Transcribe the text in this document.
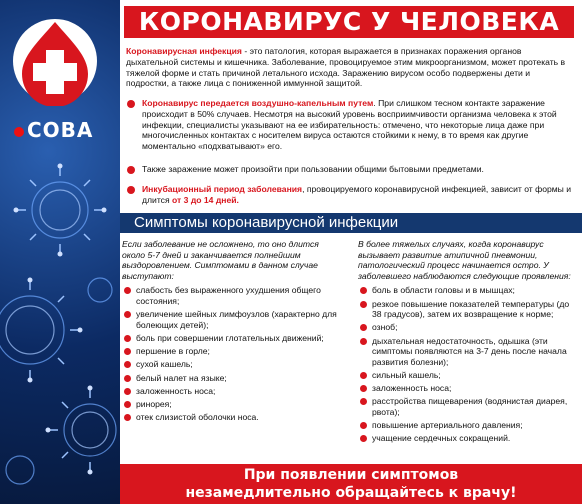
СОВА
КОРОНАВИРУС У ЧЕЛОВЕКА
Коронавирусная инфекция - это патология, которая выражается в признаках поражения органов дыхательной системы и кишечника. Заболевание, провоцируемое этим микроорганизмом, может протекать в тяжелой форме и стать причиной летального исхода. Заражению вирусом особо подвержены дети и подростки, а также лица с пониженной иммунной защитой.
Коронавирус передается воздушно-капельным путем. При слишком тесном контакте заражение происходит в 50% случаев. Несмотря на высокий уровень восприимчивости организма человека к этой инфекции, специалисты указывают на ее избирательность: отмечено, что некоторые лица даже при многочисленных контактах с носителем вируса остаются стойкими к нему, в то время как другие моментально «подхватывают» его.
Также заражение может произойти при пользовании общими бытовыми предметами.
Инкубационный период заболевания, провоцируемого коронавирусной инфекцией, зависит от формы и длится от 3 до 14 дней.
Симптомы коронавирусной инфекции
Если заболевание не осложнено, то оно длится около 5-7 дней и заканчивается полнейшим выздоровлением. Симптомами в данном случае выступают:
слабость без выраженного ухудшения общего состояния;
увеличение шейных лимфоузлов (характерно для болеющих детей);
боль при совершении глотательных движений;
першение в горле;
сухой кашель;
белый налет на языке;
заложенность носа;
ринорея;
отек слизистой оболочки носа.
В более тяжелых случаях, когда коронавирус вызывает развитие атипичной пневмонии, патологический процесс начинается остро. У заболевшего наблюдаются следующие проявления:
боль в области головы и в мышцах;
резкое повышение показателей температуры (до 38 градусов), затем их возвращение к норме;
озноб;
дыхательная недостаточность, одышка (эти симптомы появляются на 3-7 день после начала развития болезни);
сильный кашель;
заложенность носа;
расстройства пищеварения (водянистая диарея, рвота);
повышение артериального давления;
учащение сердечных сокращений.
При появлении симптомов
незамедлительно обращайтесь к врачу!
